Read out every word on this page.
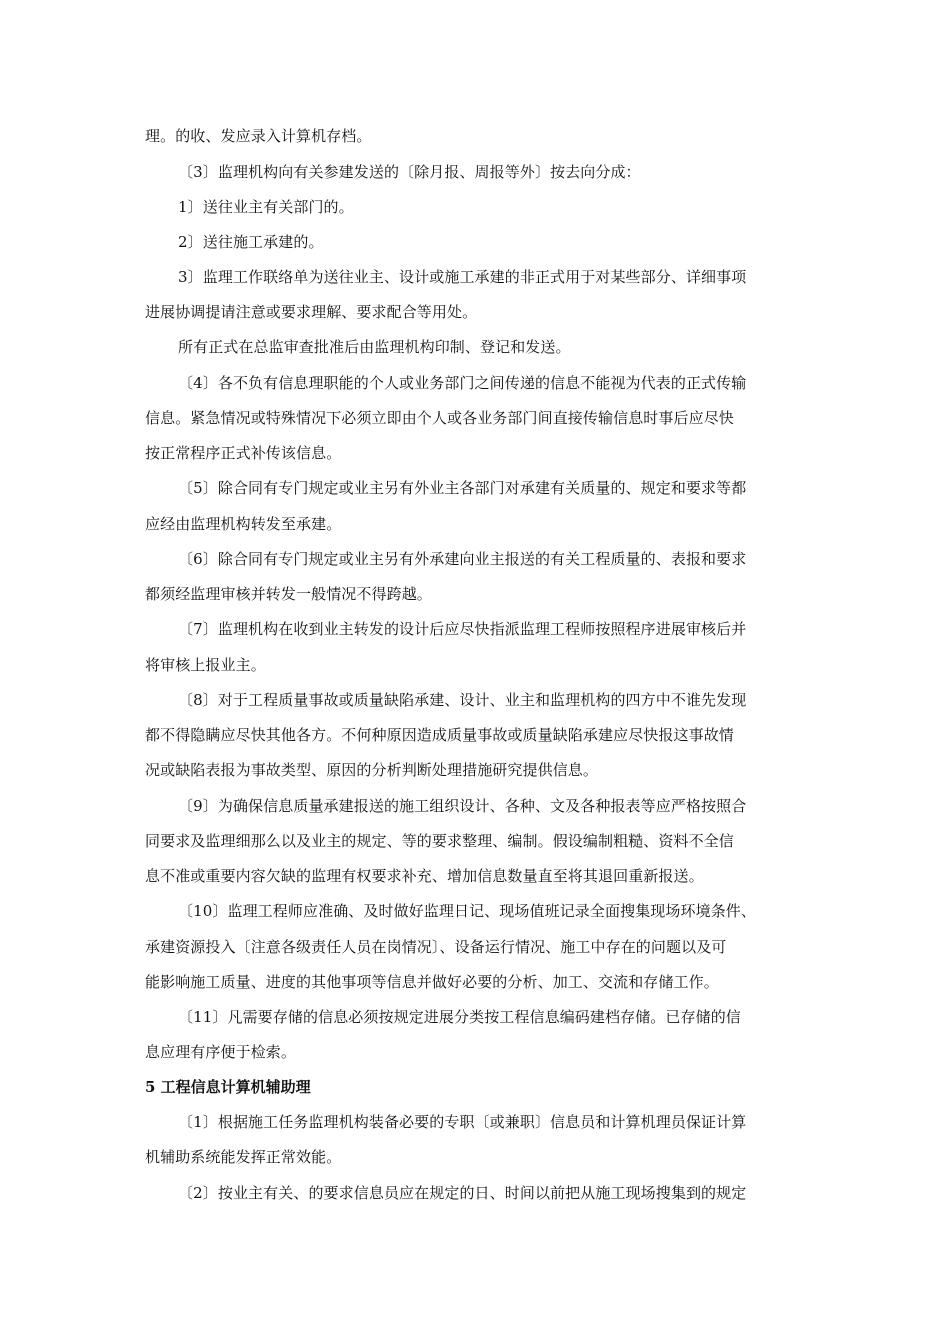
理。的收、发应录入计算机存档。
〔3〕监理机构向有关参建发送的〔除月报、周报等外〕按去向分成：
1〕送往业主有关部门的。
2〕送往施工承建的。
3〕监理工作联络单为送往业主、设计或施工承建的非正式用于对某些部分、详细事项
进展协调提请注意或要求理解、要求配合等用处。
所有正式在总监审查批准后由监理机构印制、登记和发送。
〔4〕各不负有信息理职能的个人或业务部门之间传递的信息不能视为代表的正式传输
信息。紧急情况或特殊情况下必须立即由个人或各业务部门间直接传输信息时事后应尽快
按正常程序正式补传该信息。
〔5〕除合同有专门规定或业主另有外业主各部门对承建有关质量的、规定和要求等都
应经由监理机构转发至承建。
〔6〕除合同有专门规定或业主另有外承建向业主报送的有关工程质量的、表报和要求
都须经监理审核并转发一般情况不得跨越。
〔7〕监理机构在收到业主转发的设计后应尽快指派监理工程师按照程序进展审核后并
将审核上报业主。
〔8〕对于工程质量事故或质量缺陷承建、设计、业主和监理机构的四方中不谁先发现
都不得隐瞒应尽快其他各方。不何种原因造成质量事故或质量缺陷承建应尽快报这事故情
况或缺陷表报为事故类型、原因的分析判断处理措施研究提供信息。
〔9〕为确保信息质量承建报送的施工组织设计、各种、文及各种报表等应严格按照合
同要求及监理细那么以及业主的规定、等的要求整理、编制。假设编制粗糙、资料不全信
息不准或重要内容欠缺的监理有权要求补充、增加信息数量直至将其退回重新报送。
〔10〕监理工程师应准确、及时做好监理日记、现场值班记录全面搜集现场环境条件、
承建资源投入〔注意各级责任人员在岗情况〕、设备运行情况、施工中存在的问题以及可
能影响施工质量、进度的其他事项等信息并做好必要的分析、加工、交流和存储工作。
〔11〕凡需要存储的信息必须按规定进展分类按工程信息编码建档存储。已存储的信
息应理有序便于检索。
5 工程信息计算机辅助理
〔1〕根据施工任务监理机构装备必要的专职〔或兼职〕信息员和计算机理员保证计算
机辅助系统能发挥正常效能。
〔2〕按业主有关、的要求信息员应在规定的日、时间以前把从施工现场搜集到的规定
